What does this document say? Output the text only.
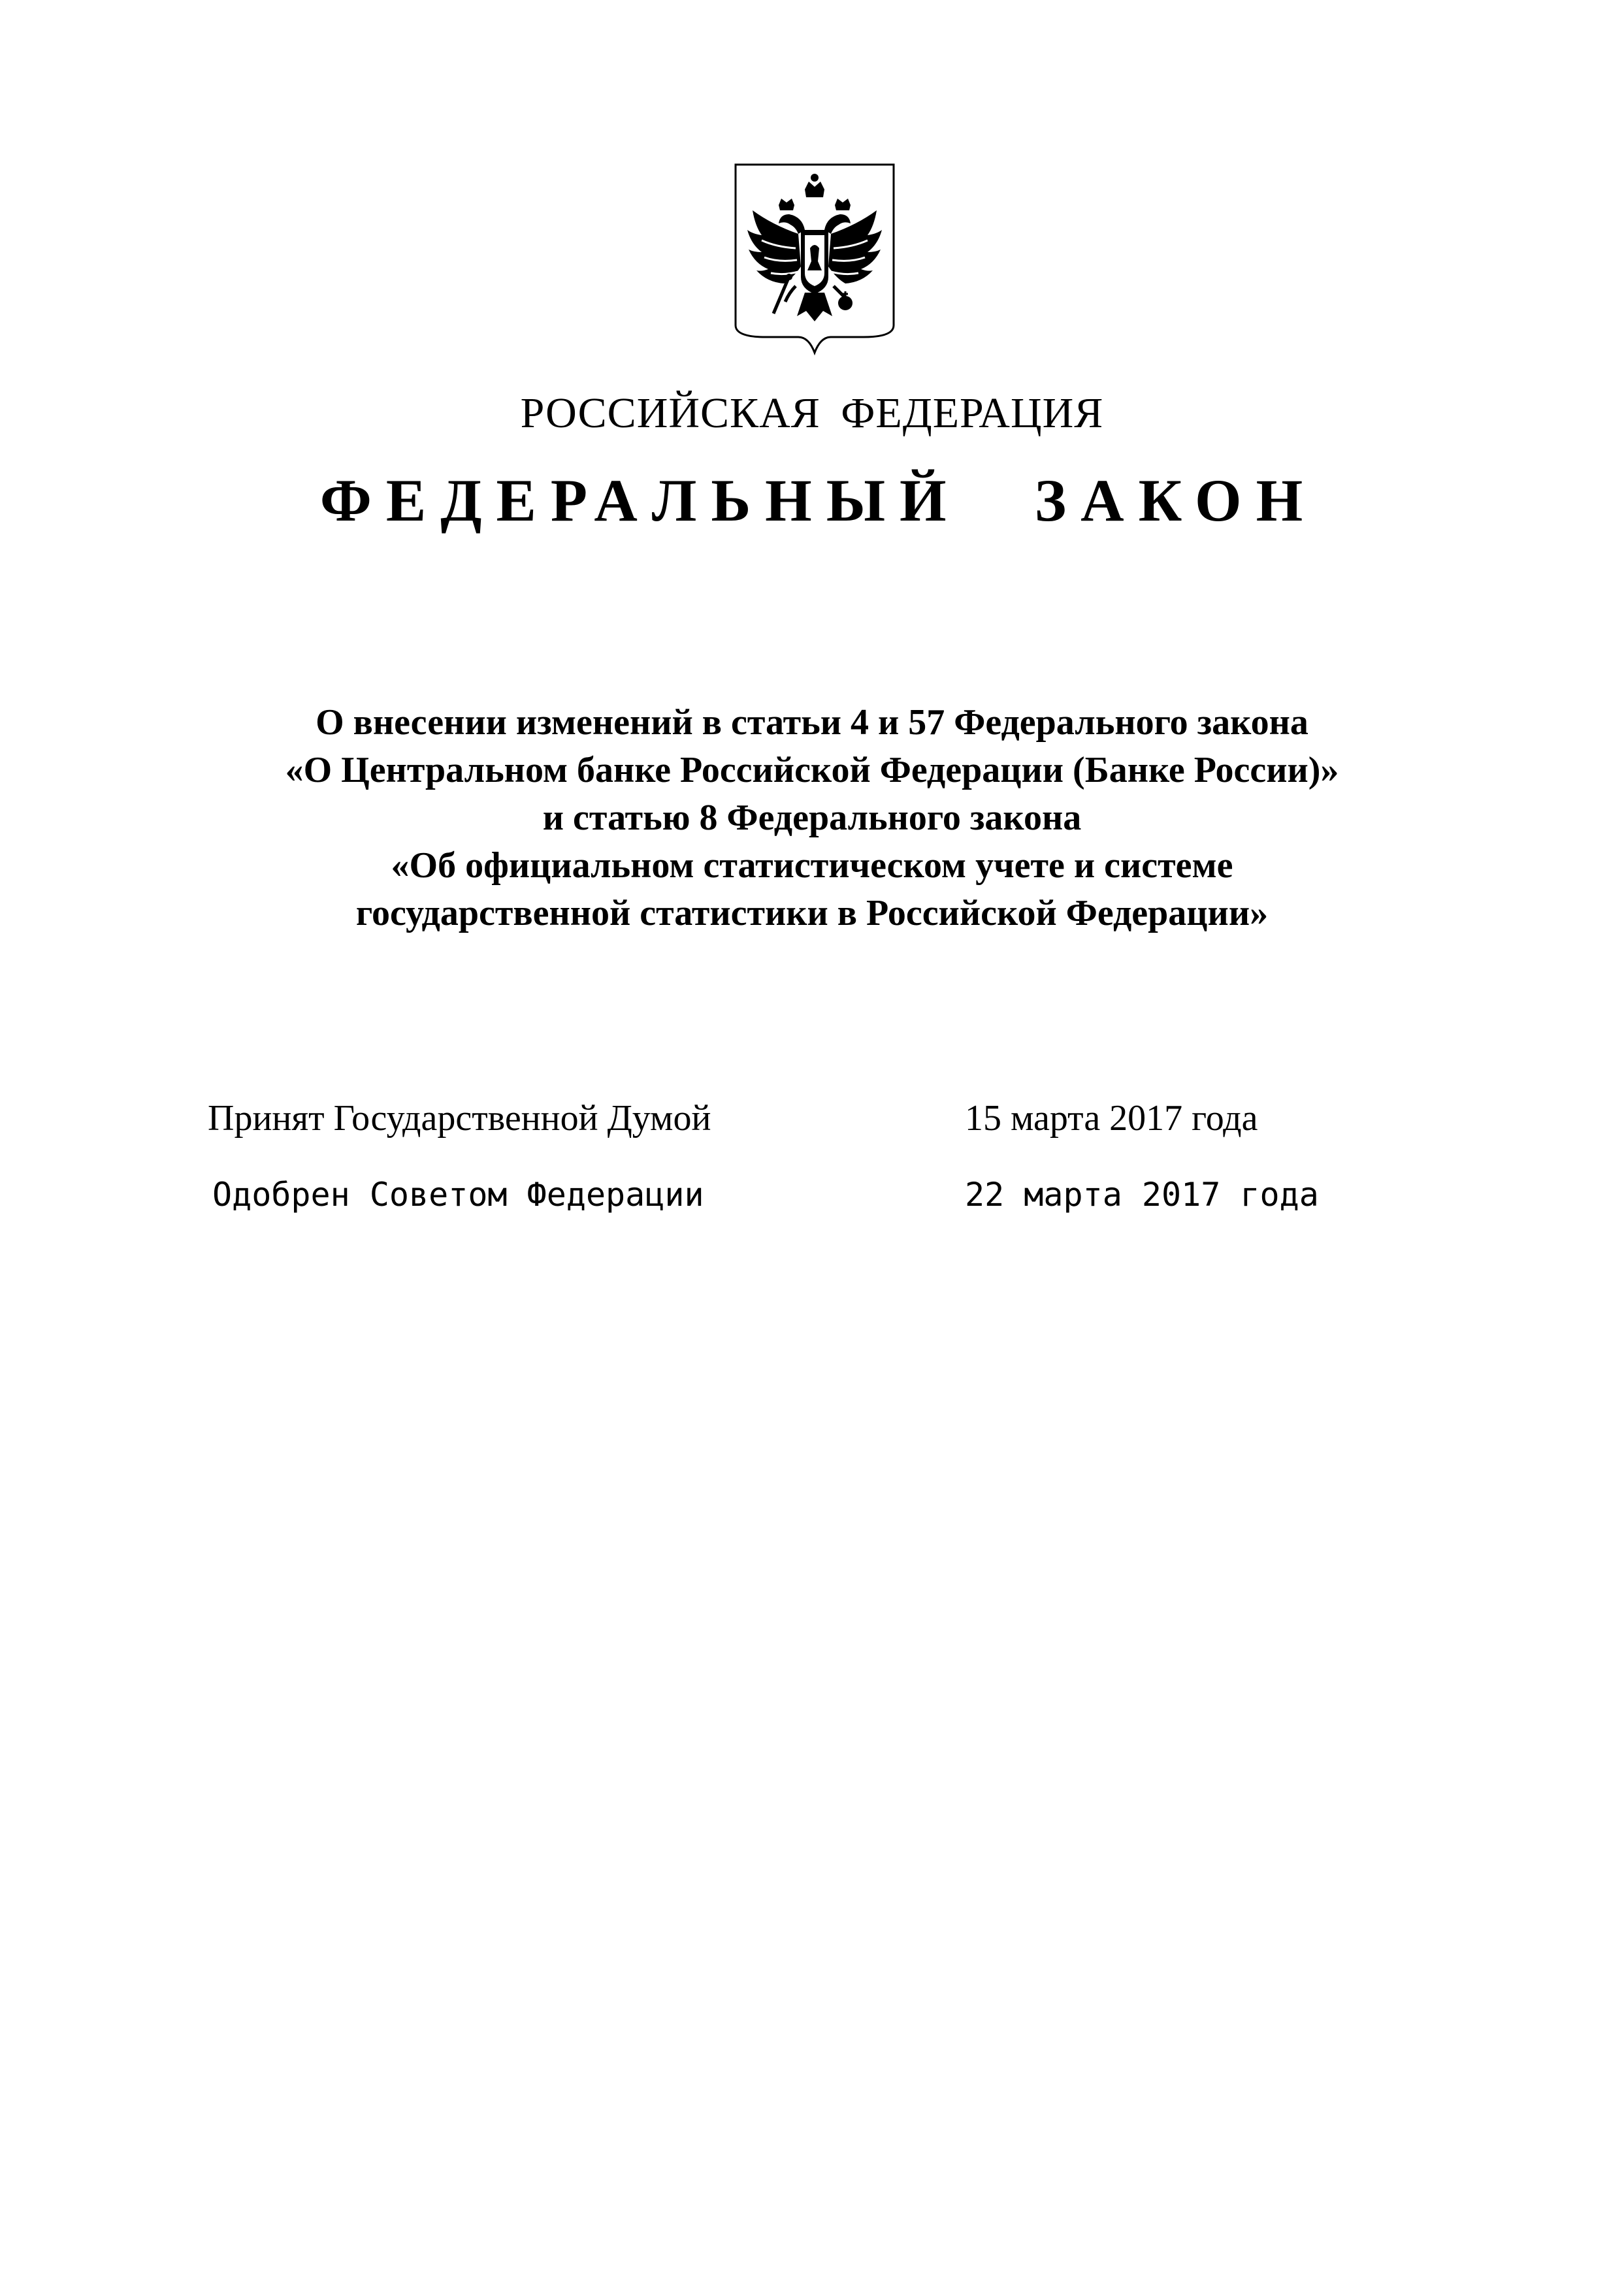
РОССИЙСКАЯ ФЕДЕРАЦИЯ
ФЕДЕРАЛЬНЫЙ ЗАКОН
О внесении изменений в статьи 4 и 57 Федерального закона
«О Центральном банке Российской Федерации (Банке России)»
и статью 8 Федерального закона
«Об официальном статистическом учете и системе
государственной статистики в Российской Федерации»
Принят Государственной Думой	15 марта 2017 года
Одобрен Советом Федерации	22 марта 2017 года
